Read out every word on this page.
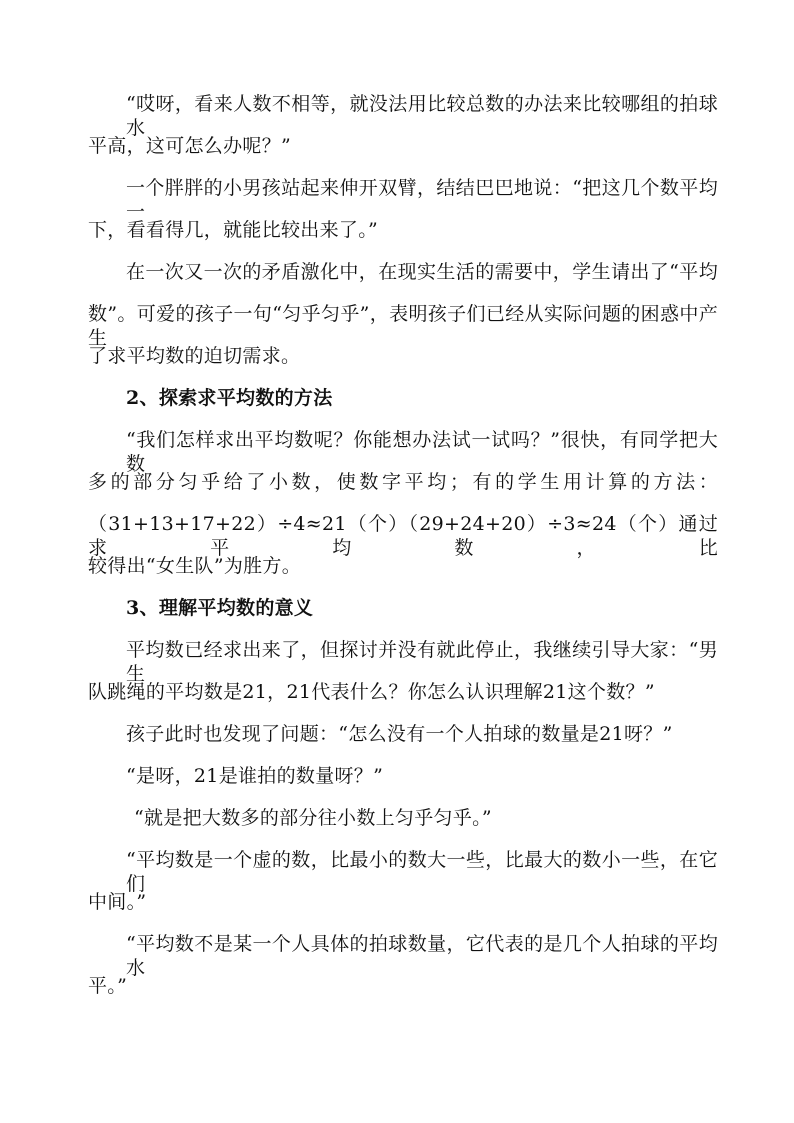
“哎呀，看来人数不相等，就没法用比较总数的办法来比较哪组的拍球水
平高，这可怎么办呢？”
一个胖胖的小男孩站起来伸开双臂，结结巴巴地说：“把这几个数平均一
下，看看得几，就能比较出来了。”
在一次又一次的矛盾激化中，在现实生活的需要中，学生请出了“平均
数”。可爱的孩子一句“匀乎匀乎”，表明孩子们已经从实际问题的困惑中产生
了求平均数的迫切需求。
2、探索求平均数的方法
“我们怎样求出平均数呢？你能想办法试一试吗？”很快，有同学把大数
多的部分匀乎给了小数，使数字平均；有的学生用计算的方法：
（31+13+17+22）÷4≈21（个）（29+24+20）÷3≈24（个）通过求平均数，比
较得出“女生队”为胜方。
3、理解平均数的意义
平均数已经求出来了，但探讨并没有就此停止，我继续引导大家：“男生
队跳绳的平均数是21，21代表什么？你怎么认识理解21这个数？”
孩子此时也发现了问题：“怎么没有一个人拍球的数量是21呀？”
“是呀，21是谁拍的数量呀？”
“就是把大数多的部分往小数上匀乎匀乎。”
“平均数是一个虚的数，比最小的数大一些，比最大的数小一些，在它们
中间。”
“平均数不是某一个人具体的拍球数量，它代表的是几个人拍球的平均水
平。”
